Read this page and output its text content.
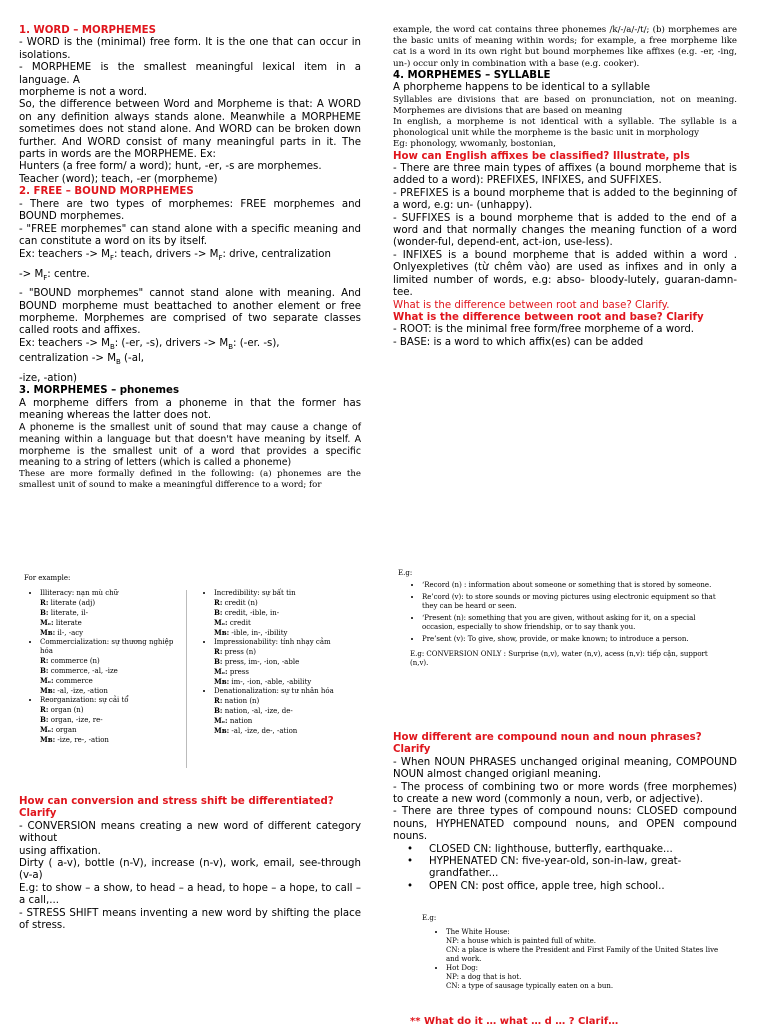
1. WORD – MORPHEMES

- WORD is the (minimal) free form. It is the one that can occur in isolations.

- MORPHEME is the smallest meaningful lexical item in a language. A

morpheme is not a word.

So, the difference between Word and Morpheme is that: A WORD on any definition always stands alone. Meanwhile a MORPHEME sometimes does not stand alone. And WORD can be broken down further. And WORD consist of many meaningful parts in it. The parts in words are the MORPHEME. Ex:

Hunters (a free form/ a word); hunt, -er, -s are morphemes.

Teacher (word); teach, -er (morpheme)

2. FREE – BOUND MORPHEMES

- There are two types of morphemes: FREE morphemes and BOUND morphemes.

- "FREE morphemes" can stand alone with a specific meaning and can constitute a word on its by itself.

Ex: teachers -> $M_F$: teach, drivers -> $M_F$: drive, centralization

-> $M_F$: centre.

- "BOUND morphemes" cannot stand alone with meaning. And BOUND morpheme must beattached to another element or free morpheme. Morphemes are comprised of two separate classes called roots and affixes.

Ex: teachers -> $M_B$: (-er, -s), drivers -> $M_B$: (-er. -s),

centralization -> $M_B$ (-al,

-ize, -ation)

3. MORPHEMES – phonemes

A morpheme differs from a phoneme in that the former has meaning whereas the latter does not.

A phoneme is the smallest unit of sound that may cause a change of meaning within a language but that doesn't have meaning by itself. A morpheme is the smallest unit of a word that provides a specific meaning to a string of letters (which is called a phoneme)

These are more formally defined in the following: (a) phonemes are the smallest unit of sound to make a meaningful difference to a word; for

example, the word cat contains three phonemes /k/-/a/-/t/; (b) morphemes are the basic units of meaning within words; for example, a free morpheme like cat is a word in its own right but bound morphemes like affixes (e.g. -er, -ing, un-) occur only in combination with a base (e.g. cooker).

4. MORPHEMES – SYLLABLE

A phorpheme happens to be identical to a syllable

Syllables are divisions that are based on pronunciation, not on meaning. Morphemes are divisions that are based on meaning

In english, a morpheme is not identical with a syllable. The syllable is a phonological unit while the morpheme is the basic unit in morphology

Eg: phonology, wwomanly, bostonian,

How can English affixes be classified? Illustrate, pls

- There are three main types of affixes (a bound morpheme that is added to a word): PREFIXES, INFIXES, and SUFFIXES.

- PREFIXES is a bound morpheme that is added to the beginning of a word, e.g: un- (unhappy).

- SUFFIXES is a bound morpheme that is added to the end of a word and that normally changes the meaning function of a word (wonder-ful, depend-ent, act-ion, use-less).

- INFIXES is a bound morpheme that is added within a word . Onlyexpletives (từ chêm vào) are used as infixes and in only a limited number of words, e.g: abso- bloody-lutely, guaran-damn-tee.

What is the difference between root and base? Clarify.

What is the difference between root and base? Clarify

- ROOT: is the minimal free form/free morpheme of a word.

- BASE: is a word to which affix(es) can be added

For example:

• Illiteracy: nạn mù chữ
R: literate (adj)
B: literate, il-
Mₒ: literate
Mʙ: il-, -acy
• Commercialization: sự thương nghiệp hóa
R: commerce (n)
B: commerce, -al, -ize
Mₒ: commerce
Mʙ: -al, -ize, -ation
• Reorganization: sự cải tổ
R: organ (n)
B: organ, -ize, re-
Mₒ: organ
Mʙ: -ize, re-, -ation
• Incredibility: sự bất tin
R: credit (n)
B: credit, -ible, in-
Mₒ: credit
Mʙ: -ible, in-, -ibility
• Impressionability: tính nhạy cảm
R: press (n)
B: press, im-, -ion, -able
Mₒ: press
Mʙ: im-, -ion, -able, -ability
• Denationalization: sự tư nhân hóa
R: nation (n)
B: nation, -al, -ize, de-
Mₒ: nation
Mʙ: -al, -ize, de-, -ation

How can conversion and stress shift be differentiated? Clarify

- CONVERSION means creating a new word of different category without

using affixation.

Dirty ( a-v), bottle (n-V), increase (n-v), work, email, see-through (v-a)

E.g: to show – a show, to head – a head, to hope – a hope, to call – a call,...

- STRESS SHIFT means inventing a new word by shifting the place of stress.

E.g:

• ‘Record (n) : information about someone or something that is stored by someone.
• Re’cord (v): to store sounds or moving pictures using electronic equipment so that they can be heard or seen.
• ‘Present (n): something that you are given, without asking for it, on a special occasion, especially to show friendship, or to say thank you.
• Pre’sent (v): To give, show, provide, or make known; to introduce a person.

E.g: CONVERSION ONLY : Surprise (n,v), water (n,v), acess (n,v): tiếp cận, support (n,v).

How different are compound noun and noun phrases? Clarify

- When NOUN PHRASES unchanged original meaning, COMPOUND NOUN almost changed origianl meaning.

- The process of combining two or more words (free morphemes) to create a new word (commonly a noun, verb, or adjective).

- There are three types of compound nouns: CLOSED compound nouns, HYPHENATED compound nouns, and OPEN compound nouns.

• CLOSED CN: lighthouse, butterfly, earthquake...

• HYPHENATED CN: five-year-old, son-in-law, great-grandfather...

• OPEN CN: post office, apple tree, high school..

E.g:

• The White House:
NP: a house which is painted full of white.
CN: a place is where the President and First Family of the United States live and work.
• Hot Dog:
NP: a dog that is hot.
CN: a type of sausage typically eaten on a bun.
** What do it … what … d … ? Clarif…
